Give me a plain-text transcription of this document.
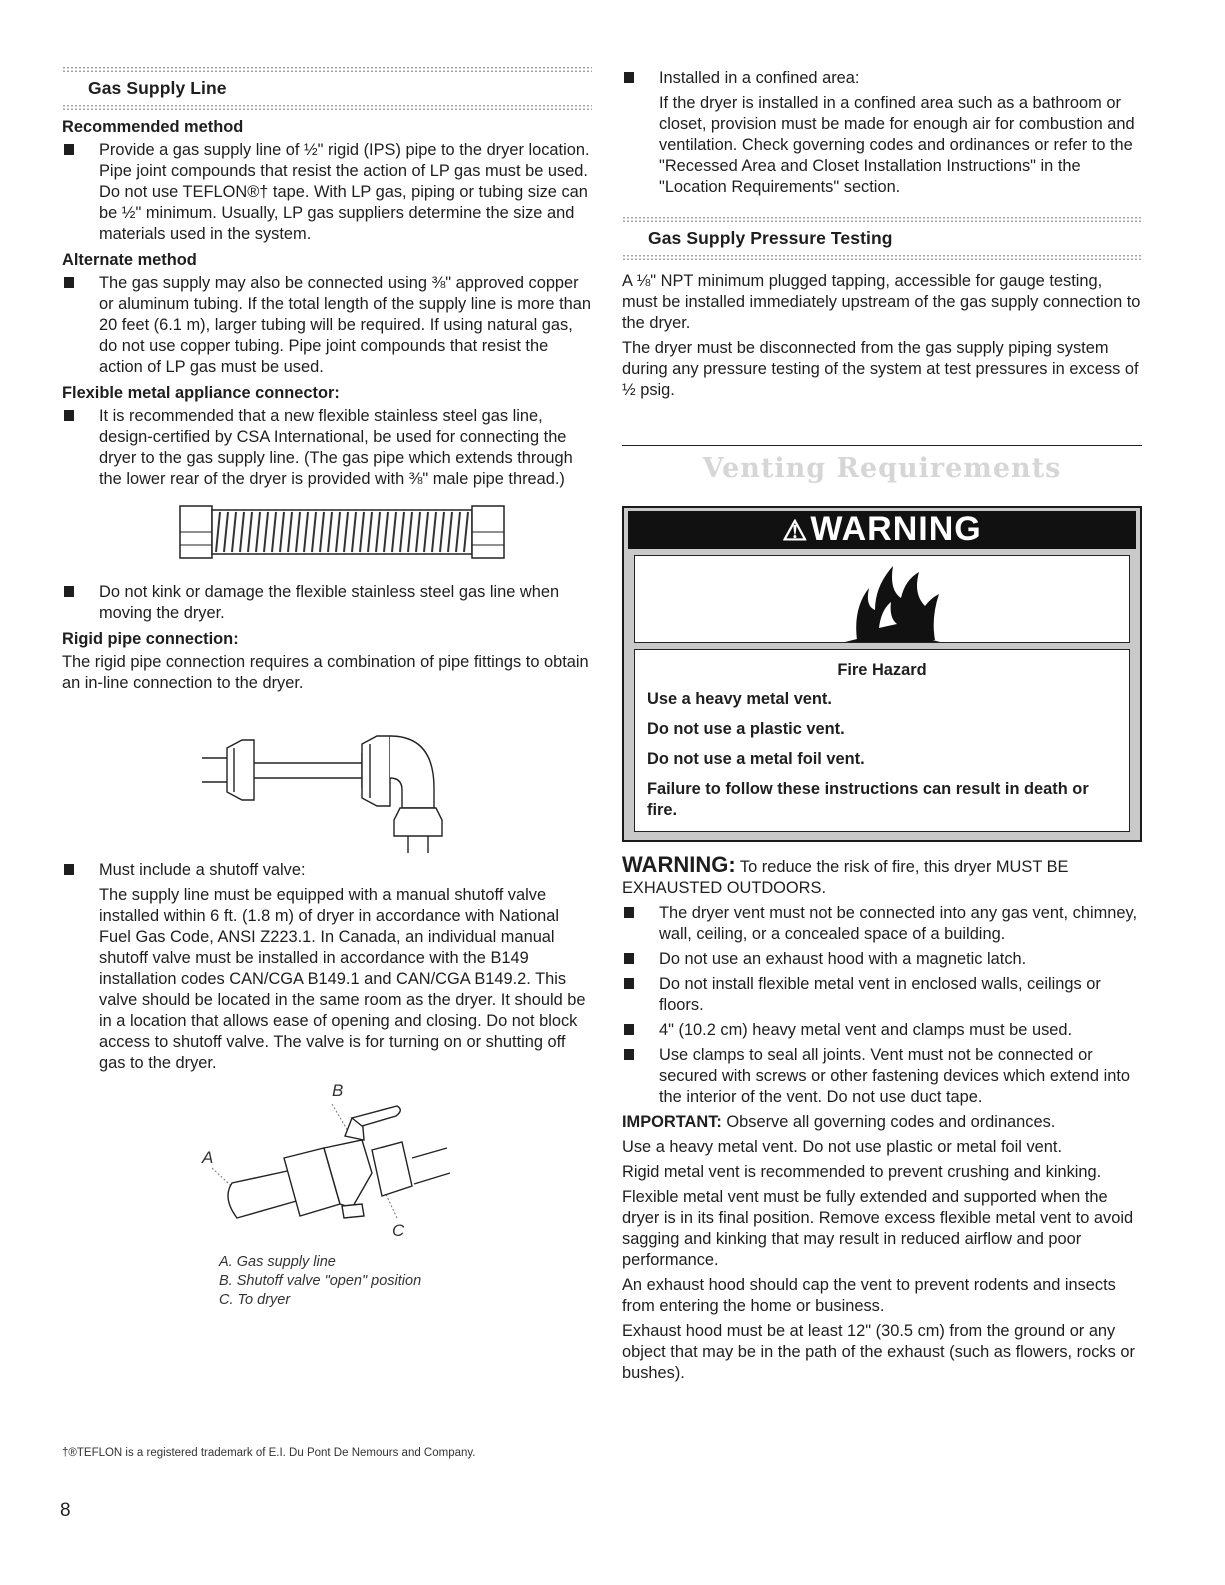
Gas Supply Line
Recommended method
Provide a gas supply line of ½" rigid (IPS) pipe to the dryer location. Pipe joint compounds that resist the action of LP gas must be used. Do not use TEFLON®† tape. With LP gas, piping or tubing size can be ½" minimum. Usually, LP gas suppliers determine the size and materials used in the system.
Alternate method
The gas supply may also be connected using ⅜" approved copper or aluminum tubing. If the total length of the supply line is more than 20 feet (6.1 m), larger tubing will be required. If using natural gas, do not use copper tubing. Pipe joint compounds that resist the action of LP gas must be used.
Flexible metal appliance connector:
It is recommended that a new flexible stainless steel gas line, design-certified by CSA International, be used for connecting the dryer to the gas supply line. (The gas pipe which extends through the lower rear of the dryer is provided with ⅜" male pipe thread.)
Do not kink or damage the flexible stainless steel gas line when moving the dryer.
Rigid pipe connection:

The rigid pipe connection requires a combination of pipe fittings to obtain an in-line connection to the dryer.

Must include a shutoff valve:
The supply line must be equipped with a manual shutoff valve installed within 6 ft. (1.8 m) of dryer in accordance with National Fuel Gas Code, ANSI Z223.1. In Canada, an individual manual shutoff valve must be installed in accordance with the B149 installation codes CAN/CGA B149.1 and CAN/CGA B149.2. This valve should be located in the same room as the dryer. It should be in a location that allows ease of opening and closing. Do not block access to shutoff valve. The valve is for turning on or shutting off gas to the dryer.
B
A
C
A. Gas supply line
B. Shutoff valve "open" position
C. To dryer
†®TEFLON is a registered trademark of E.I. Du Pont De Nemours and Company.
8
Installed in a confined area:
If the dryer is installed in a confined area such as a bathroom or closet, provision must be made for enough air for combustion and ventilation. Check governing codes and ordinances or refer to the "Recessed Area and Closet Installation Instructions" in the "Location Requirements" section.
Gas Supply Pressure Testing

A ⅛" NPT minimum plugged tapping, accessible for gauge testing, must be installed immediately upstream of the gas supply connection to the dryer.

The dryer must be disconnected from the gas supply piping system during any pressure testing of the system at test pressures in excess of ½ psig.

Venting Requirements
⚠WARNING
Fire Hazard

Use a heavy metal vent.

Do not use a plastic vent.

Do not use a metal foil vent.

Failure to follow these instructions can result in death or fire.

WARNING: To reduce the risk of fire, this dryer MUST BE EXHAUSTED OUTDOORS.

The dryer vent must not be connected into any gas vent, chimney, wall, ceiling, or a concealed space of a building.
Do not use an exhaust hood with a magnetic latch.
Do not install flexible metal vent in enclosed walls, ceilings or floors.
4" (10.2 cm) heavy metal vent and clamps must be used.
Use clamps to seal all joints. Vent must not be connected or secured with screws or other fastening devices which extend into the interior of the vent. Do not use duct tape.

IMPORTANT: Observe all governing codes and ordinances.

Use a heavy metal vent. Do not use plastic or metal foil vent.

Rigid metal vent is recommended to prevent crushing and kinking.

Flexible metal vent must be fully extended and supported when the dryer is in its final position. Remove excess flexible metal vent to avoid sagging and kinking that may result in reduced airflow and poor performance.

An exhaust hood should cap the vent to prevent rodents and insects from entering the home or business.

Exhaust hood must be at least 12" (30.5 cm) from the ground or any object that may be in the path of the exhaust (such as flowers, rocks or bushes).
